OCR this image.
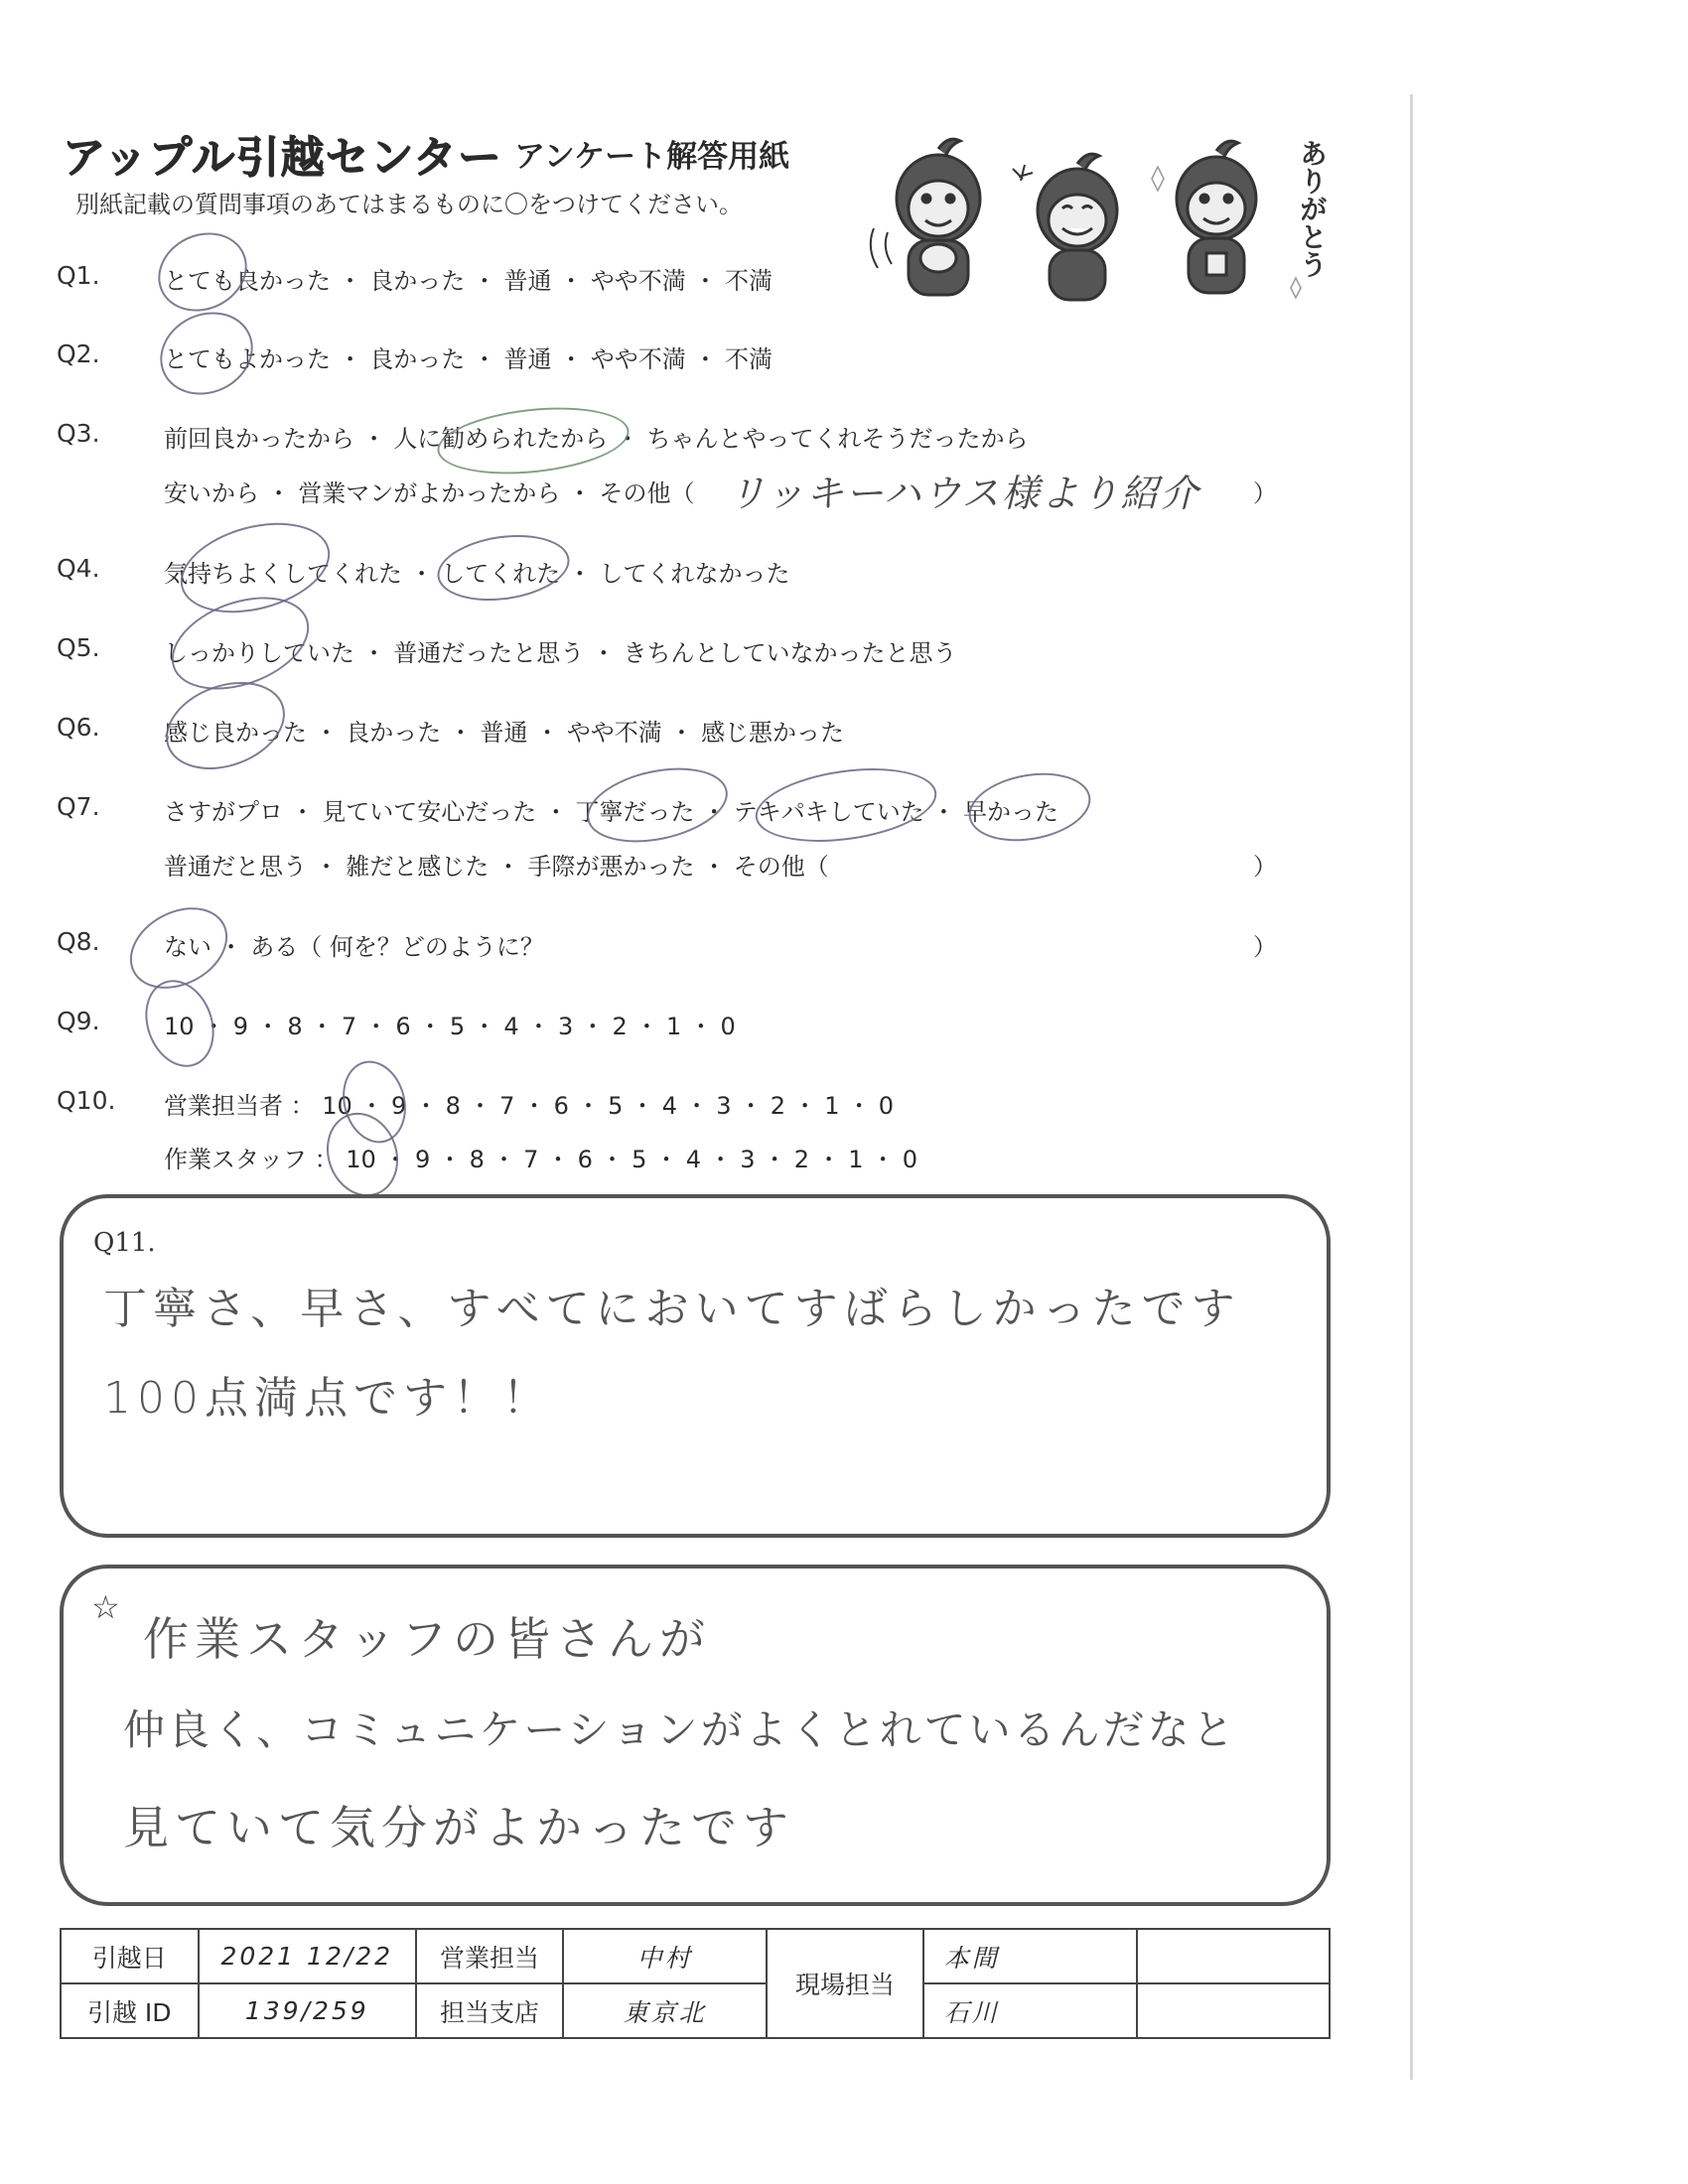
アップル引越センター アンケート解答用紙
別紙記載の質問事項のあてはまるものに〇をつけてください。	ありがとう
Q1.	とても良かった ・ 良かった ・ 普通 ・ やや不満 ・ 不満
Q2.	とてもよかった ・ 良かった ・ 普通 ・ やや不満 ・ 不満
Q3.	前回良かったから ・ 人に勧められたから ・ ちゃんとやってくれそうだったから
安いから ・ 営業マンがよかったから ・ その他（ リッキーハウス様より紹介 ）
Q4.	気持ちよくしてくれた ・ してくれた ・ してくれなかった
Q5.	しっかりしていた ・ 普通だったと思う ・ きちんとしていなかったと思う
Q6.	感じ良かった ・ 良かった ・ 普通 ・ やや不満 ・ 感じ悪かった
Q7.	さすがプロ ・ 見ていて安心だった ・ 丁寧だった ・ テキパキしていた ・ 早かった
普通だと思う ・ 雑だと感じた ・ 手際が悪かった ・ その他（	）
Q8.	ない ・ ある（ 何を？どのように？	）
Q9.	10 ・ 9 ・ 8 ・ 7 ・ 6 ・ 5 ・ 4 ・ 3 ・ 2 ・ 1 ・ 0
Q10. 営業担当者 ： 10 ・ 9 ・ 8 ・ 7 ・ 6 ・ 5 ・ 4 ・ 3 ・ 2 ・ 1 ・ 0
作業スタッフ ： 10 ・ 9 ・ 8 ・ 7 ・ 6 ・ 5 ・ 4 ・ 3 ・ 2 ・ 1 ・ 0
Q11.
丁寧さ、早さ、すべてにおいてすばらしかったです
100点満点です！！
☆
作業スタッフの皆さんが
仲良く、コミュニケーションがよくとれているんだなと
見ていて気分がよかったです
引越日	2021 12/22	営業担当	中村	現場担当	本間	
引越 ID	139/259	担当支店	東京北		石川	
